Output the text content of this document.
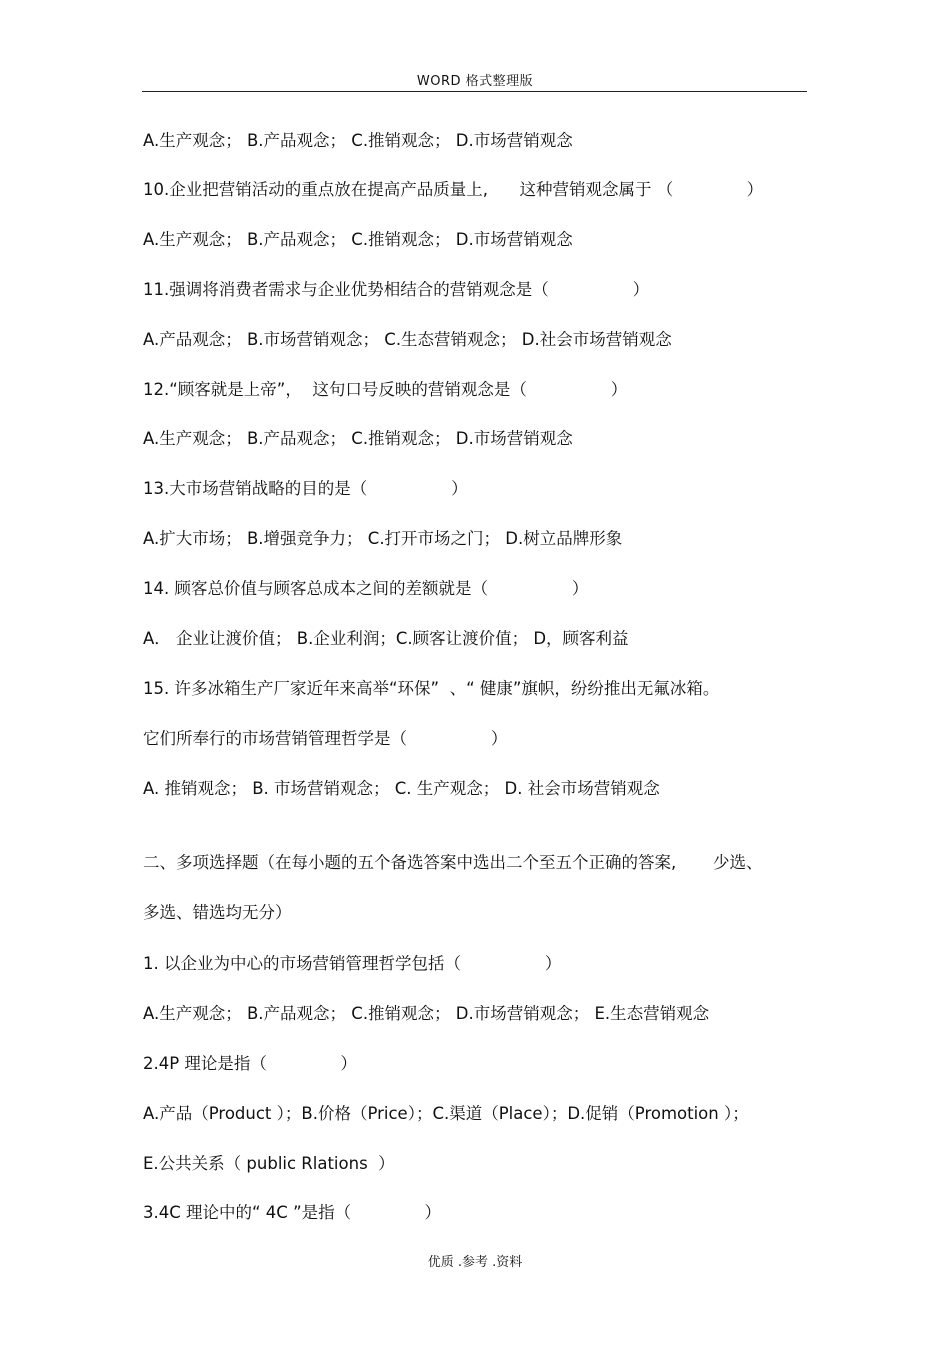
WORD 格式整理版
A.生产观念； B.产品观念； C.推销观念； D.市场营销观念
10.企业把营销活动的重点放在提高产品质量上,      这种营销观念属于 （              ）
A.生产观念； B.产品观念； C.推销观念； D.市场营销观念
11.强调将消费者需求与企业优势相结合的营销观念是（                ）
A.产品观念； B.市场营销观念； C.生态营销观念； D.社会市场营销观念
12.“顾客就是上帝”，  这句口号反映的营销观念是（                ）
A.生产观念； B.产品观念； C.推销观念； D.市场营销观念
13.大市场营销战略的目的是（                ）
A.扩大市场； B.增强竞争力； C.打开市场之门； D.树立品牌形象
14. 顾客总价值与顾客总成本之间的差额就是（                ）
A． 企业让渡价值； B.企业利润；C.顾客让渡价值； D，顾客利益
15. 许多冰箱生产厂家近年来高举“环保”  、“ 健康”旗帜，纷纷推出无氟冰箱。
它们所奉行的市场营销管理哲学是（                ）
A. 推销观念； B. 市场营销观念； C. 生产观念； D. 社会市场营销观念
二、多项选择题（在每小题的五个备选答案中选出二个至五个正确的答案,       少选、
多选、错选均无分）
1. 以企业为中心的市场营销管理哲学包括（                ）
A.生产观念； B.产品观念； C.推销观念； D.市场营销观念； E.生态营销观念
2.4P 理论是指（              ）
A.产品（Product ）；B.价格（Price）；C.渠道（Place）；D.促销（Promotion ）；
E.公共关系（ public Rlations  ）
3.4C 理论中的“ 4C ”是指（              ）
优质 .参考 .资料
